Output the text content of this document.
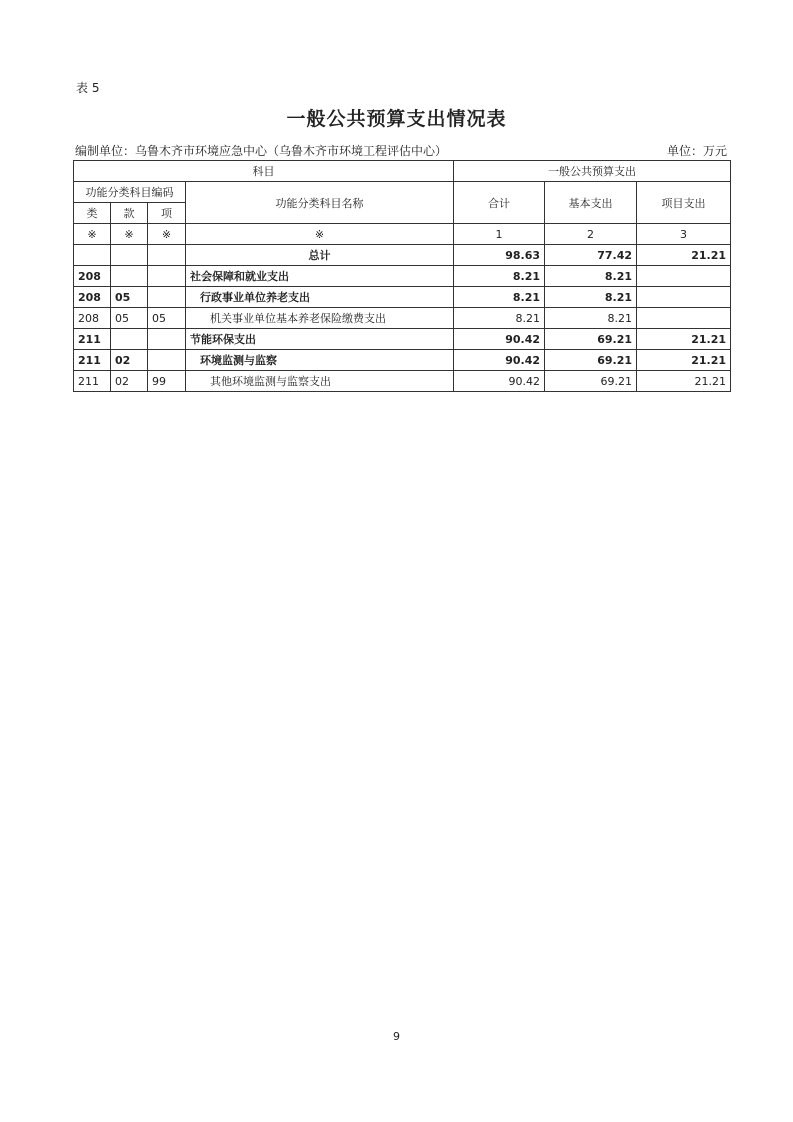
表 5
一般公共预算支出情况表
编制单位：乌鲁木齐市环境应急中心（乌鲁木齐市环境工程评估中心）	单位：万元
科目				一般公共预算支出		
功能分类科目编码			功能分类科目名称	合计	基本支出	项目支出
类	款	项				
※	※	※	※	1	2	3
			总计	98.63	77.42	21.21
208			社会保障和就业支出	8.21	8.21	
208	05		行政事业单位养老支出	8.21	8.21	
208	05	05	机关事业单位基本养老保险缴费支出	8.21	8.21	
211			节能环保支出	90.42	69.21	21.21
211	02		环境监测与监察	90.42	69.21	21.21
211	02	99	其他环境监测与监察支出	90.42	69.21	21.21
9
